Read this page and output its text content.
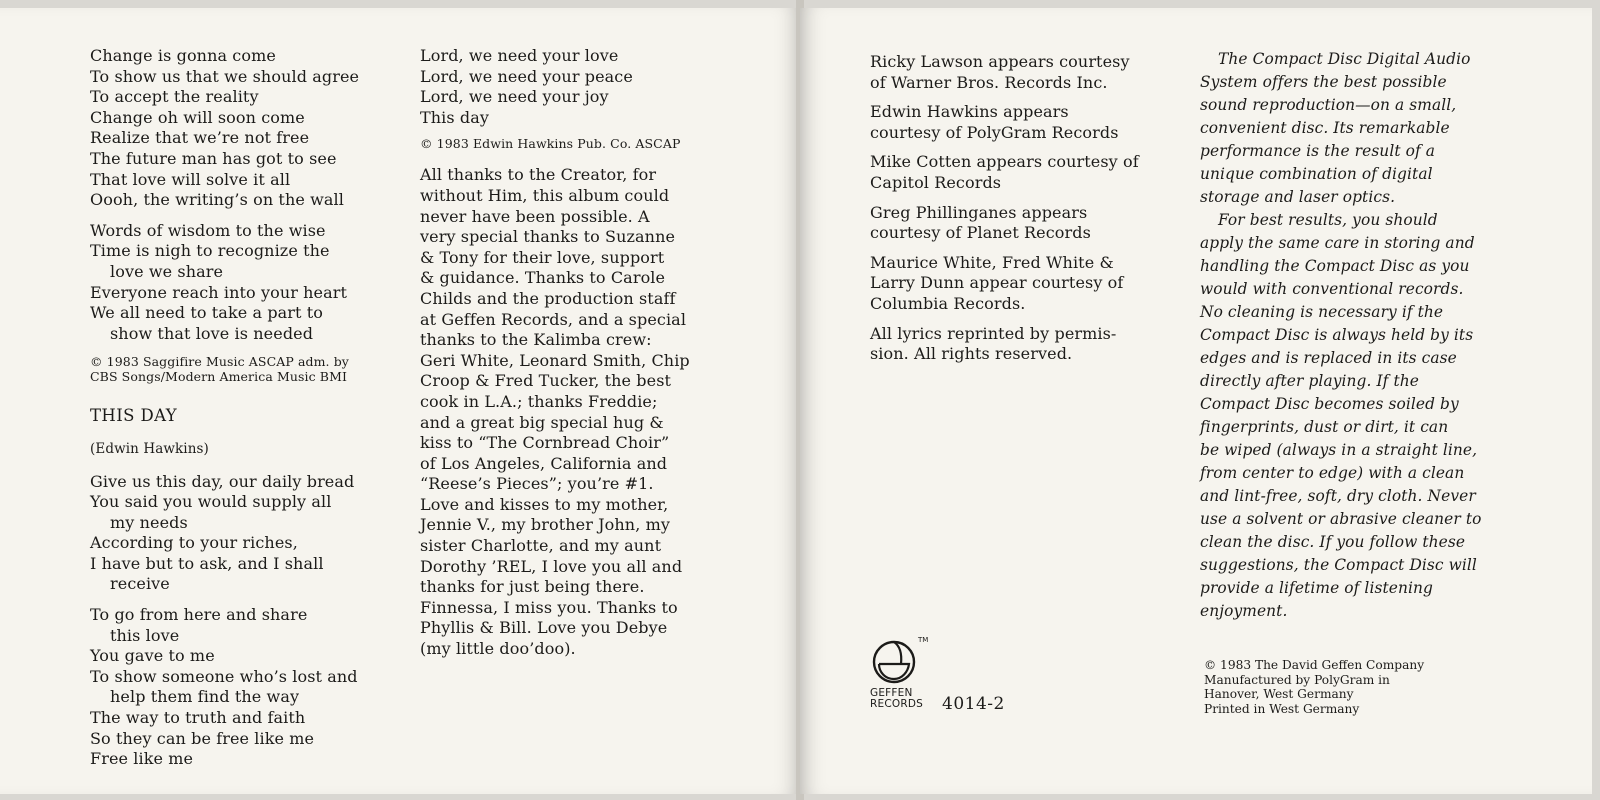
Change is gonna come
To show us that we should agree
To accept the reality
Change oh will soon come
Realize that we’re not free
The future man has got to see
That love will solve it all
Oooh, the writing’s on the wall
Words of wisdom to the wise
Time is nigh to recognize the
love we share
Everyone reach into your heart
We all need to take a part to
show that love is needed
© 1983 Saggifire Music ASCAP adm. by
CBS Songs/Modern America Music BMI
THIS DAY
(Edwin Hawkins)
Give us this day, our daily bread
You said you would supply all
my needs
According to your riches,
I have but to ask, and I shall
receive
To go from here and share
this love
You gave to me
To show someone who’s lost and
help them find the way
The way to truth and faith
So they can be free like me
Free like me
Lord, we need your love
Lord, we need your peace
Lord, we need your joy
This day
© 1983 Edwin Hawkins Pub. Co. ASCAP
All thanks to the Creator, for
without Him, this album could
never have been possible. A
very special thanks to Suzanne
& Tony for their love, support
& guidance. Thanks to Carole
Childs and the production staff
at Geffen Records, and a special
thanks to the Kalimba crew:
Geri White, Leonard Smith, Chip
Croop & Fred Tucker, the best
cook in L.A.; thanks Freddie;
and a great big special hug &
kiss to “The Cornbread Choir”
of Los Angeles, California and
“Reese’s Pieces”; you’re #1.
Love and kisses to my mother,
Jennie V., my brother John, my
sister Charlotte, and my aunt
Dorothy ’REL, I love you all and
thanks for just being there.
Finnessa, I miss you. Thanks to
Phyllis & Bill. Love you Debye
(my little doo’doo).
Ricky Lawson appears courtesy
of Warner Bros. Records Inc.
Edwin Hawkins appears
courtesy of PolyGram Records
Mike Cotten appears courtesy of
Capitol Records
Greg Phillinganes appears
courtesy of Planet Records
Maurice White, Fred White &
Larry Dunn appear courtesy of
Columbia Records.
All lyrics reprinted by permis-
sion. All rights reserved.
The Compact Disc Digital Audio
System offers the best possible
sound reproduction—on a small,
convenient disc. Its remarkable
performance is the result of a
unique combination of digital
storage and laser optics.
For best results, you should
apply the same care in storing and
handling the Compact Disc as you
would with conventional records.
No cleaning is necessary if the
Compact Disc is always held by its
edges and is replaced in its case
directly after playing. If the
Compact Disc becomes soiled by
fingerprints, dust or dirt, it can
be wiped (always in a straight line,
from center to edge) with a clean
and lint-free, soft, dry cloth. Never
use a solvent or abrasive cleaner to
clean the disc. If you follow these
suggestions, the Compact Disc will
provide a lifetime of listening
enjoyment.
TM
GEFFEN
RECORDS 4014-2
© 1983 The David Geffen Company
Manufactured by PolyGram in
Hanover, West Germany
Printed in West Germany
